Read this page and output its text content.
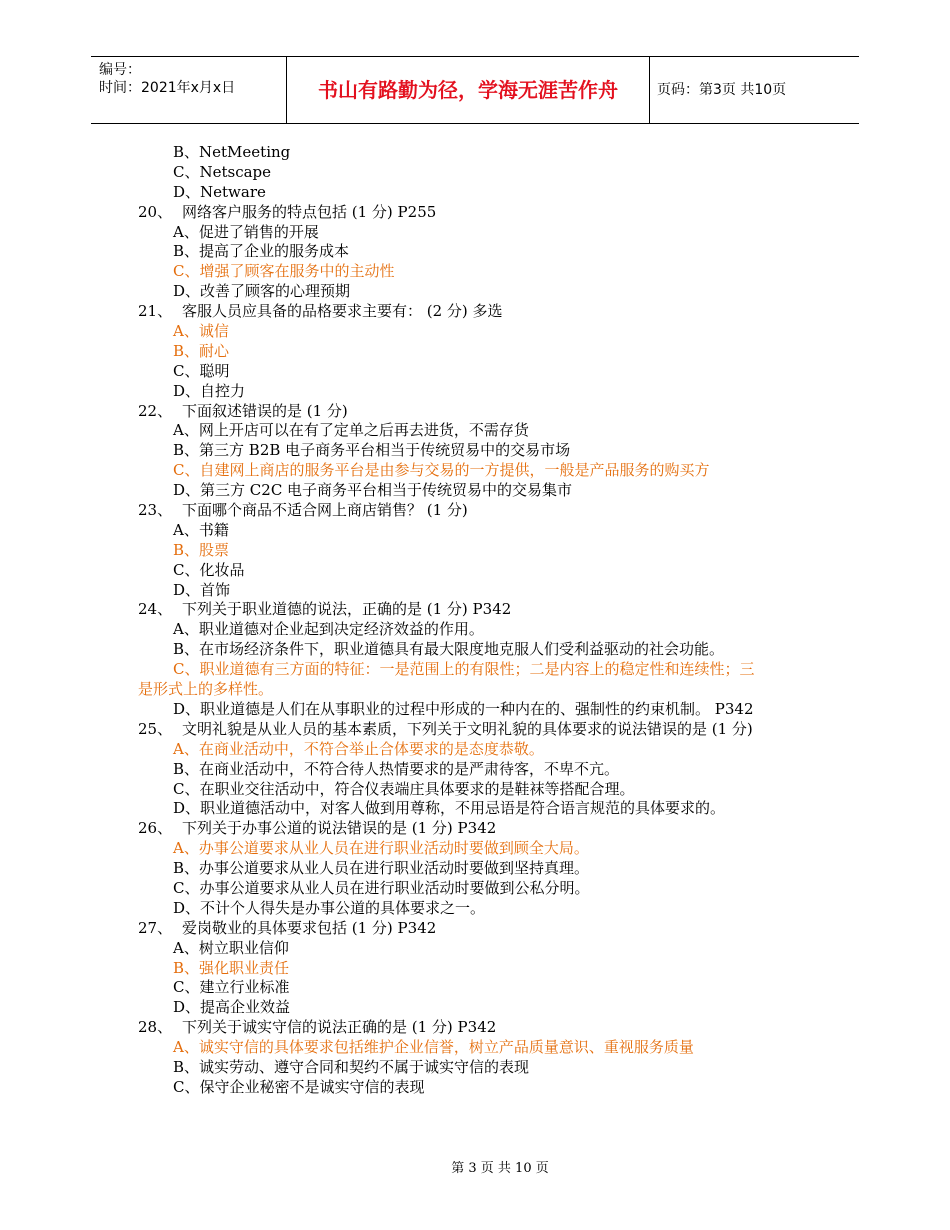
编号：
时间：2021年x月x日	书山有路勤为径，学海无涯苦作舟	页码：第3页 共10页
B、NetMeeting
C、Netscape
D、Netware
20、 网络客户服务的特点包括 (1 分) P255
A、促进了销售的开展
B、提高了企业的服务成本
C、增强了顾客在服务中的主动性
D、改善了顾客的心理预期
21、 客服人员应具备的品格要求主要有： (2 分) 多选
A、诚信
B、耐心
C、聪明
D、自控力
22、 下面叙述错误的是 (1 分)
A、网上开店可以在有了定单之后再去进货，不需存货
B、第三方 B2B 电子商务平台相当于传统贸易中的交易市场
C、自建网上商店的服务平台是由参与交易的一方提供，一般是产品服务的购买方
D、第三方 C2C 电子商务平台相当于传统贸易中的交易集市
23、 下面哪个商品不适合网上商店销售？ (1 分)
A、书籍
B、股票
C、化妆品
D、首饰
24、 下列关于职业道德的说法，正确的是 (1 分) P342
A、职业道德对企业起到决定经济效益的作用。
B、在市场经济条件下，职业道德具有最大限度地克服人们受利益驱动的社会功能。
C、职业道德有三方面的特征：一是范围上的有限性；二是内容上的稳定性和连续性；三
是形式上的多样性。
D、职业道德是人们在从事职业的过程中形成的一种内在的、强制性的约束机制。 P342
25、 文明礼貌是从业人员的基本素质，下列关于文明礼貌的具体要求的说法错误的是 (1 分)
A、在商业活动中，不符合举止合体要求的是态度恭敬。
B、在商业活动中，不符合待人热情要求的是严肃待客，不卑不亢。
C、在职业交往活动中，符合仪表端庄具体要求的是鞋袜等搭配合理。
D、职业道德活动中，对客人做到用尊称，不用忌语是符合语言规范的具体要求的。
26、 下列关于办事公道的说法错误的是 (1 分) P342
A、办事公道要求从业人员在进行职业活动时要做到顾全大局。
B、办事公道要求从业人员在进行职业活动时要做到坚持真理。
C、办事公道要求从业人员在进行职业活动时要做到公私分明。
D、不计个人得失是办事公道的具体要求之一。
27、 爱岗敬业的具体要求包括 (1 分) P342
A、树立职业信仰
B、强化职业责任
C、建立行业标准
D、提高企业效益
28、 下列关于诚实守信的说法正确的是 (1 分) P342
A、诚实守信的具体要求包括维护企业信誉，树立产品质量意识、重视服务质量
B、诚实劳动、遵守合同和契约不属于诚实守信的表现
C、保守企业秘密不是诚实守信的表现
第 3 页 共 10 页
